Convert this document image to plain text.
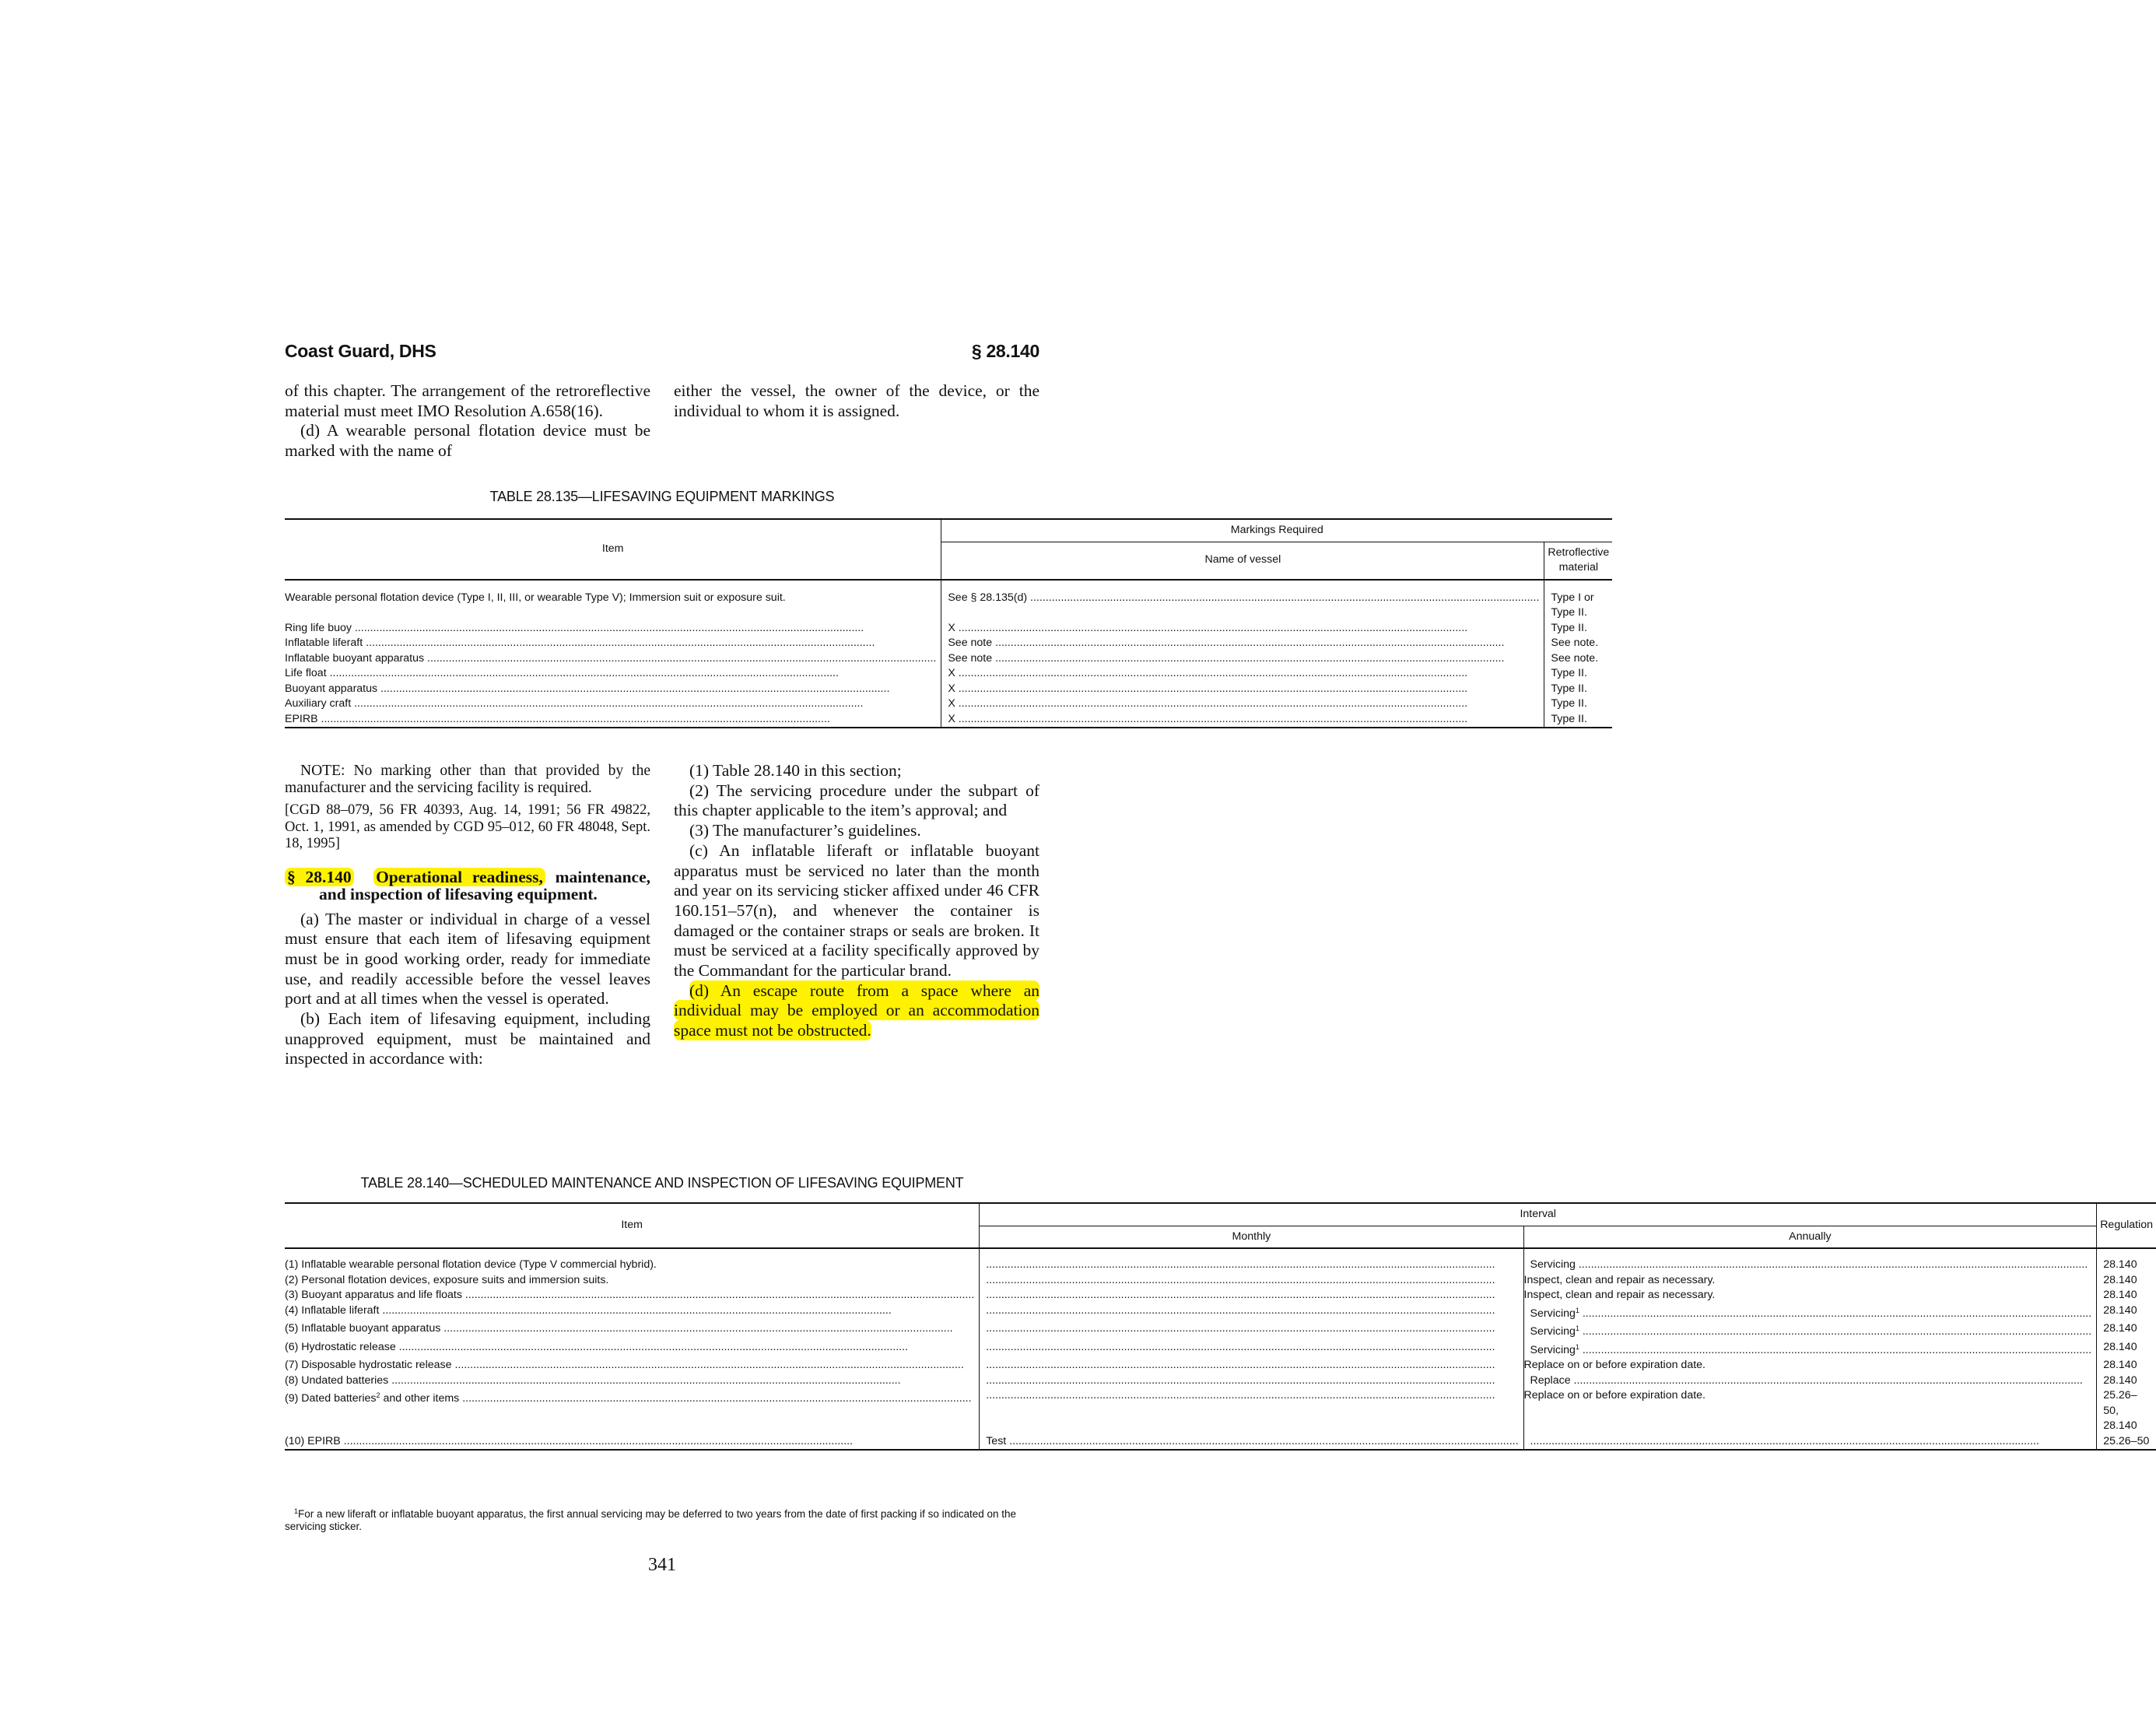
Coast Guard, DHS	§ 28.140

of this chapter. The arrangement of the retroreflective material must meet IMO Resolution A.658(16).

(d) A wearable personal flotation device must be marked with the name of

either the vessel, the owner of the device, or the individual to whom it is assigned.

TABLE 28.135—LIFESAVING EQUIPMENT MARKINGS
Item	Markings Required	
	Name of vessel	Retroflective material

Wearable personal flotation device (Type I, II, III, or wearable Type V); Immersion suit or exposure suit.	See § 28.135(d) .....	Type I or Type II.
Ring life buoy .....	X .....	Type II.
Inflatable liferaft .....	See note .....	See note.
Inflatable buoyant apparatus .....	See note .....	See note.
Life float .....	X .....	Type II.
Buoyant apparatus .....	X .....	Type II.
Auxiliary craft .....	X .....	Type II.
EPIRB .....	X .....	Type II.

NOTE: No marking other than that provided by the manufacturer and the servicing facility is required.

[CGD 88–079, 56 FR 40393, Aug. 14, 1991; 56 FR 49822, Oct. 1, 1991, as amended by CGD 95–012, 60 FR 48048, Sept. 18, 1995]

§ 28.140 Operational readiness, maintenance, and inspection of lifesaving equipment.

(a) The master or individual in charge of a vessel must ensure that each item of lifesaving equipment must be in good working order, ready for immediate use, and readily accessible before the vessel leaves port and at all times when the vessel is operated.

(b) Each item of lifesaving equipment, including unapproved equipment, must be maintained and inspected in accordance with:

(1) Table 28.140 in this section;

(2) The servicing procedure under the subpart of this chapter applicable to the item’s approval; and

(3) The manufacturer’s guidelines.

(c) An inflatable liferaft or inflatable buoyant apparatus must be serviced no later than the month and year on its servicing sticker affixed under 46 CFR 160.151–57(n), and whenever the container is damaged or the container straps or seals are broken. It must be serviced at a facility specifically approved by the Commandant for the particular brand.

(d) An escape route from a space where an individual may be employed or an accommodation space must not be obstructed.

TABLE 28.140—SCHEDULED MAINTENANCE AND INSPECTION OF LIFESAVING EQUIPMENT
Item	Interval		Regulation
	Monthly	Annually	

(1) Inflatable wearable personal flotation device (Type V commercial hybrid).	.....	Servicing .....	28.140
(2) Personal flotation devices, exposure suits and immersion suits.	.....	Inspect, clean and repair as necessary.	28.140
(3) Buoyant apparatus and life floats .....	.....	Inspect, clean and repair as necessary.	28.140
(4) Inflatable liferaft .....	.....	Servicing$^1$ .....	28.140
(5) Inflatable buoyant apparatus .....	.....	Servicing$^1$ .....	28.140
(6) Hydrostatic release .....	.....	Servicing$^1$ .....	28.140
(7) Disposable hydrostatic release .....	.....	Replace on or before expiration date.	28.140
(8) Undated batteries .....	.....	Replace .....	28.140
(9) Dated batteries$^2$ and other items .....	.....	Replace on or before expiration date.	25.26–50, 28.140
(10) EPIRB .....	Test .....	.....	25.26–50
$^1$For a new liferaft or inflatable buoyant apparatus, the first annual servicing may be deferred to two years from the date of first packing if so indicated on the servicing sticker.
341
